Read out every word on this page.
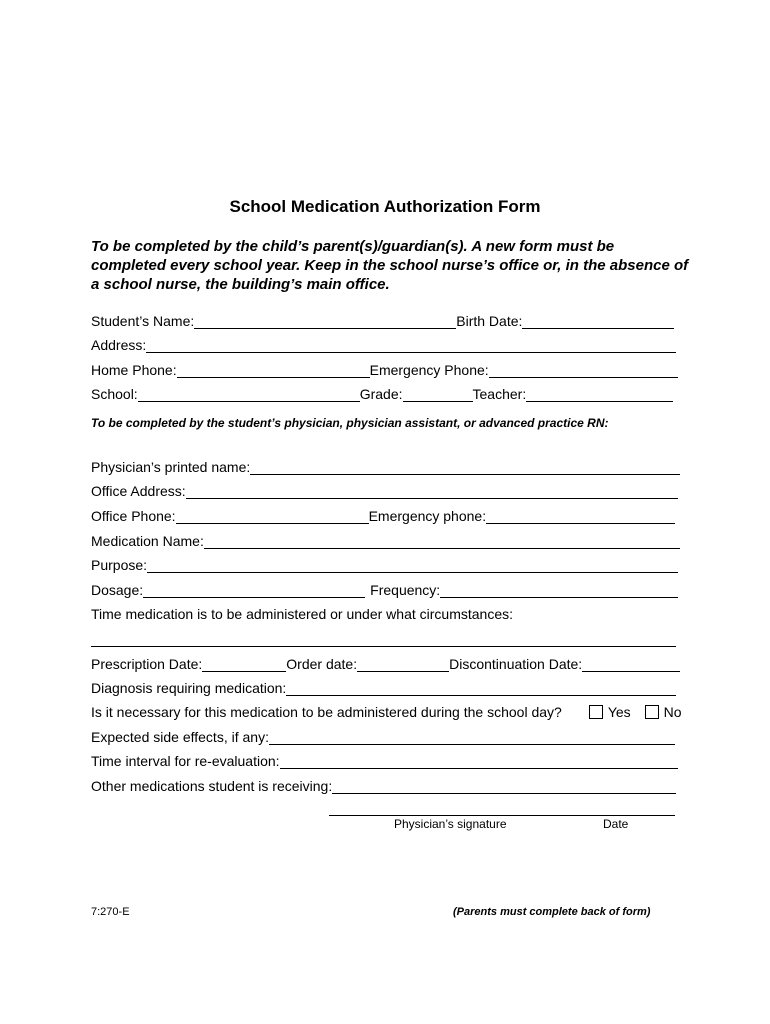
School Medication Authorization Form
To be completed by the child’s parent(s)/guardian(s). A new form must be completed every school year. Keep in the school nurse’s office or, in the absence of a school nurse, the building’s main office.
Student’s Name:	Birth Date:
Address:
Home Phone:	Emergency Phone:
School:	Grade:	Teacher:
To be completed by the student’s physician, physician assistant, or advanced practice RN:
Physician’s printed name:
Office Address:
Office Phone:	Emergency phone:
Medication Name:
Purpose:
Dosage:	Frequency:
Time medication is to be administered or under what circumstances:
Prescription Date:	Order date:	Discontinuation Date:
Diagnosis requiring medication:
Is it necessary for this medication to be administered during the school day?	Yes No
Expected side effects, if any:
Time interval for re-evaluation:
Other medications student is receiving:
Physician’s signature	Date
7:270-E	(Parents must complete back of form)
